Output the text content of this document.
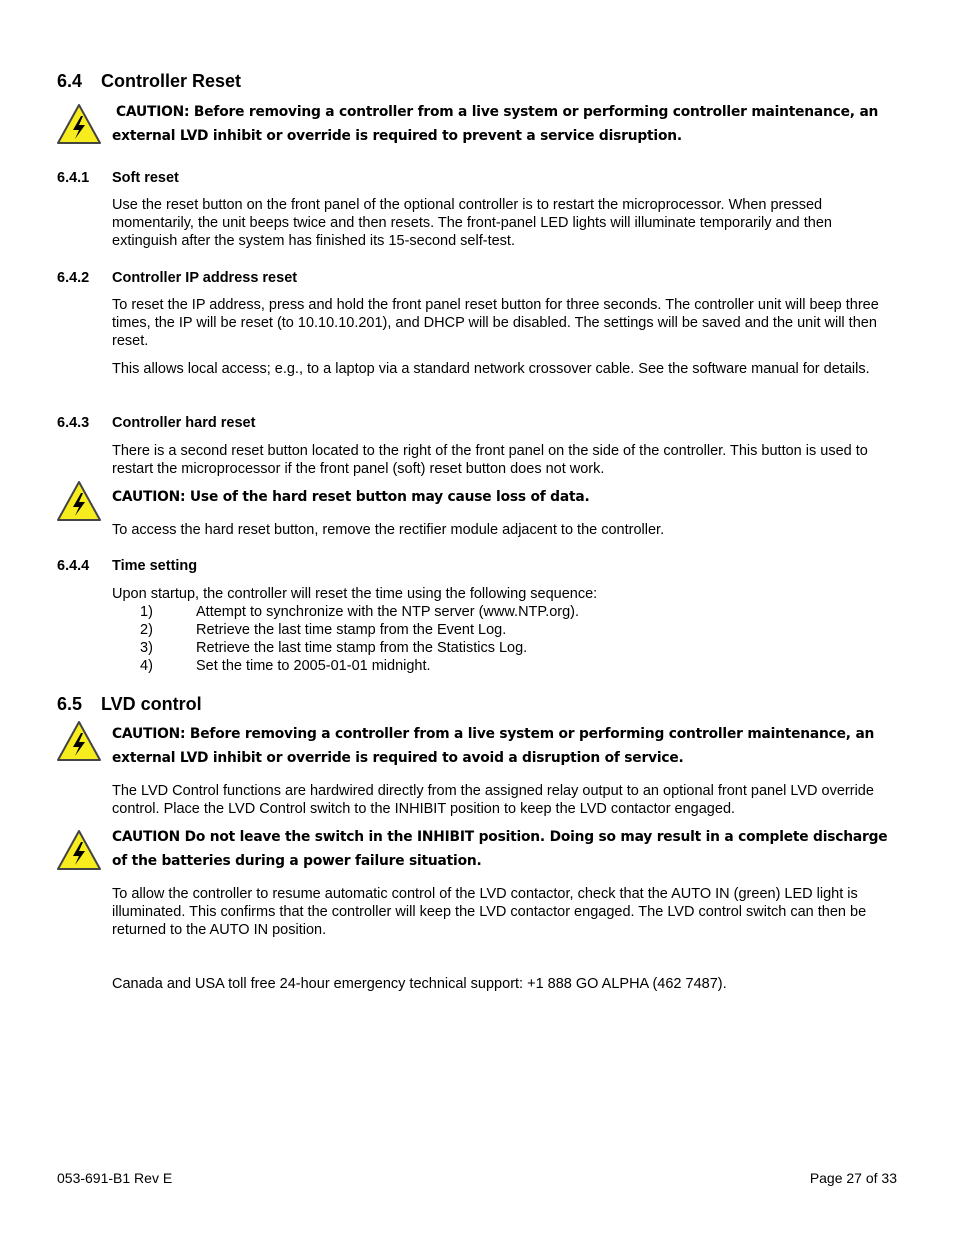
6.4 Controller Reset
CAUTION: Before removing a controller from a live system or performing controller maintenance, an
external LVD inhibit or override is required to prevent a service disruption.
6.4.1 Soft reset
Use the reset button on the front panel of the optional controller is to restart the microprocessor. When pressed momentarily, the unit beeps twice and then resets. The front-panel LED lights will illuminate temporarily and then extinguish after the system has finished its 15-second self-test.
6.4.2 Controller IP address reset
To reset the IP address, press and hold the front panel reset button for three seconds. The controller unit will beep three times, the IP will be reset (to 10.10.10.201), and DHCP will be disabled. The settings will be saved and the unit will then reset.
This allows local access; e.g., to a laptop via a standard network crossover cable. See the software manual for details.
6.4.3 Controller hard reset
There is a second reset button located to the right of the front panel on the side of the controller. This button is used to restart the microprocessor if the front panel (soft) reset button does not work.
CAUTION: Use of the hard reset button may cause loss of data.
To access the hard reset button, remove the rectifier module adjacent to the controller.
6.4.4 Time setting
Upon startup, the controller will reset the time using the following sequence:
1)	Attempt to synchronize with the NTP server (www.NTP.org).
2)	Retrieve the last time stamp from the Event Log.
3)	Retrieve the last time stamp from the Statistics Log.
4)	Set the time to 2005-01-01 midnight.
6.5 LVD control
CAUTION: Before removing a controller from a live system or performing controller maintenance, an
external LVD inhibit or override is required to avoid a disruption of service.
The LVD Control functions are hardwired directly from the assigned relay output to an optional front panel LVD override control. Place the LVD Control switch to the INHIBIT position to keep the LVD contactor engaged.
CAUTION Do not leave the switch in the INHIBIT position. Doing so may result in a complete discharge
of the batteries during a power failure situation.
To allow the controller to resume automatic control of the LVD contactor, check that the AUTO IN (green) LED light is illuminated. This confirms that the controller will keep the LVD contactor engaged. The LVD control switch can then be returned to the AUTO IN position.
Canada and USA toll free 24-hour emergency technical support: +1 888 GO ALPHA (462 7487).
053-691-B1 Rev E	Page 27 of 33
